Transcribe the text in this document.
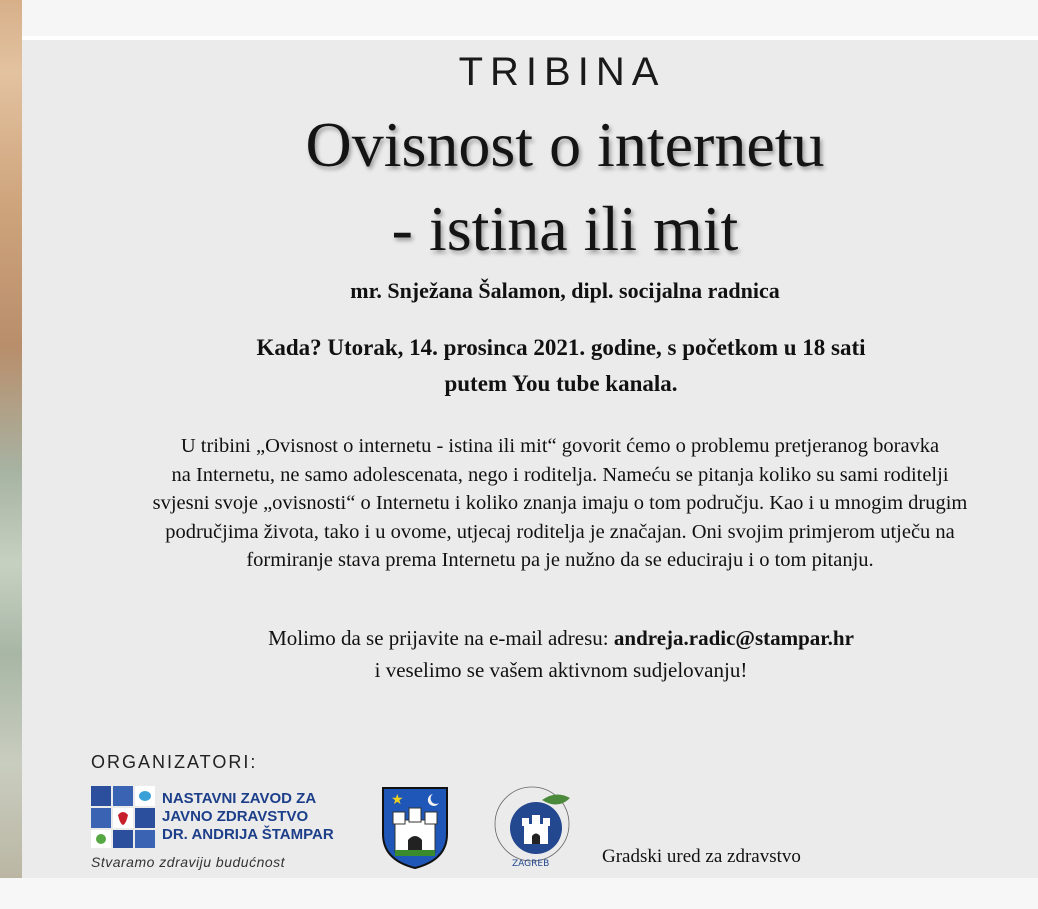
TRIBINA
Ovisnost o internetu
- istina ili mit
mr. Snježana Šalamon, dipl. socijalna radnica
Kada? Utorak, 14. prosinca 2021. godine, s početkom u 18 sati
putem You tube kanala.
U tribini „Ovisnost o internetu - istina ili mit“ govorit ćemo o problemu pretjeranog boravka
na Internetu, ne samo adolescenata, nego i roditelja. Nameću se pitanja koliko su sami roditelji
svjesni svoje „ovisnosti“ o Internetu i koliko znanja imaju o tom području. Kao i u mnogim drugim
područjima života, tako i u ovome, utjecaj roditelja je značajan. Oni svojim primjerom utječu na
formiranje stava prema Internetu pa je nužno da se educiraju i o tom pitanju.
Molimo da se prijavite na e-mail adresu: andreja.radic@stampar.hr
i veselimo se vašem aktivnom sudjelovanju!
ORGANIZATORI:
NASTAVNI ZAVOD ZA
JAVNO ZDRAVSTVO
DR. ANDRIJA ŠTAMPAR
Stvaramo zdraviju budućnost
★
ZAGREB	Gradski ured za zdravstvo
